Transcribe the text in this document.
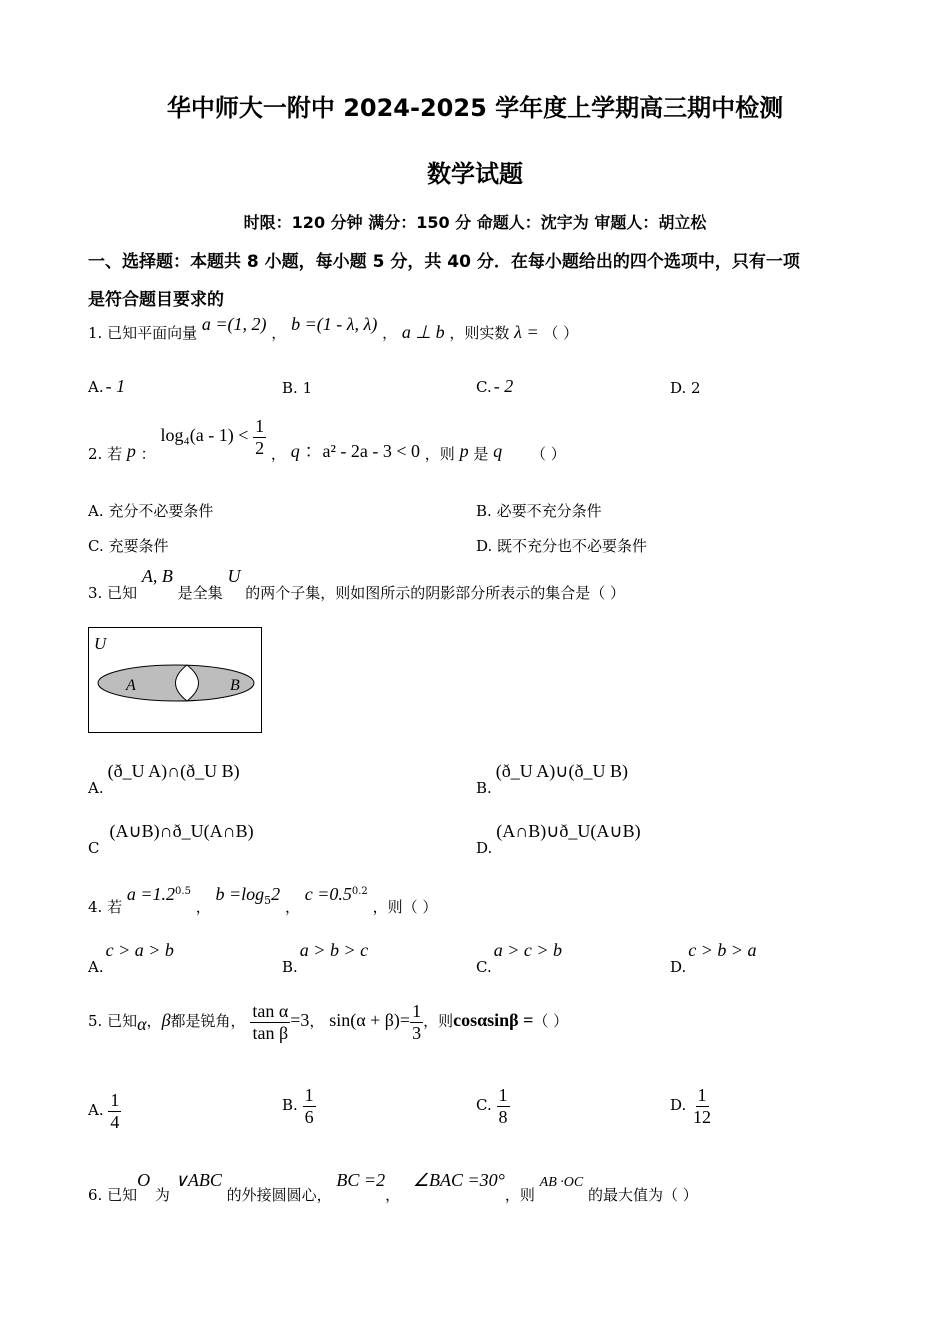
华中师大一附中 2024-2025 学年度上学期高三期中检测
数学试题
时限：120 分钟 满分：150 分 命题人：沈宇为 审题人：胡立松
一、选择题：本题共 8 小题，每小题 5 分，共 40 分．在每小题给出的四个选项中，只有一项
是符合题目要求的
1. 已知平面向量 a =(1, 2) ， b =(1 - λ, λ) ， a ⊥ b ，则实数 λ = （ ）
A. - 1	B. 1	C. - 2	D. 2
2. 若 p ： $\log_4(a - 1) < \frac{1}{2}$ ， q ：a² - 2a - 3 < 0 ，则 p 是 q （ ）
A. 充分不必要条件	B. 必要不充分条件
C. 充要条件	D. 既不充分也不必要条件
3. 已知 A, B 是全集 U 的两个子集，则如图所示的阴影部分所表示的集合是（ ）
U
A	B
A.(ð_U A)∩(ð_U B)
B.(ð_U A)∪(ð_U B)
C(A∪B)∩ð_U(A∩B)
D.(A∩B)∪ð_U(A∪B)
4. 若 $a =1.2^{0.5}$ ， $b =\log_52$ ， $c =0.5^{0.2}$ ，则（ ）
A.c > a > b
B.a > b > c
C.a > c > b
D.c > b > a
5. 已知α，β都是锐角， $\frac{\text{tan α}}{\text{tan β}} =3$， $\sin(\alpha + \beta)= \frac{1}{3}$ ，则cosαsinβ =（ ）
A. $\frac{1}{4}$	B. $\frac{1}{6}$	C. $\frac{1}{8}$	D. $\frac{1}{12}$
6. 已知O 为 ∨ABC 的外接圆圆心， BC =2， ∠BAC =30°，则 AB ·OC 的最大值为（ ）
